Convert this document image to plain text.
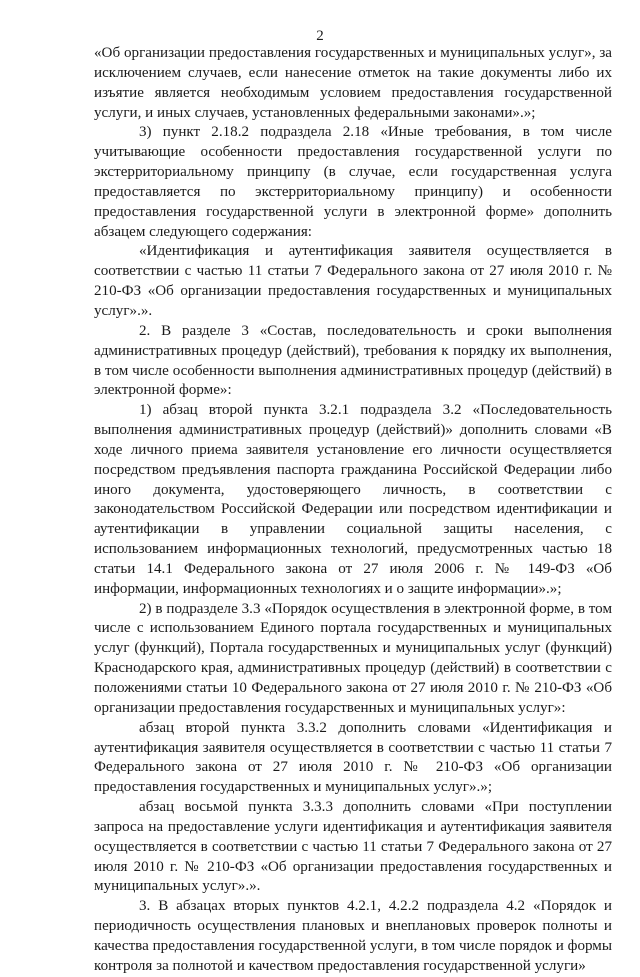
2

«Об организации предоставления государственных и муниципальных услуг», за исключением случаев, если нанесение отметок на такие документы либо их изъятие является необходимым условием предоставления государственной услуги, и иных случаев, установленных федеральными законами».»;

3) пункт 2.18.2 подраздела 2.18 «Иные требования, в том числе учитывающие особенности предоставления государственной услуги по экстерриториальному принципу (в случае, если государственная услуга предоставляется по экстерриториальному принципу) и особенности предоставления государственной услуги в электронной форме» дополнить абзацем следующего содержания:

«Идентификация и аутентификация заявителя осуществляется в соответствии с частью 11 статьи 7 Федерального закона от 27 июля 2010 г. № 210-ФЗ «Об организации предоставления государственных и муниципальных услуг».».

2. В разделе 3 «Состав, последовательность и сроки выполнения административных процедур (действий), требования к порядку их выполнения, в том числе особенности выполнения административных процедур (действий) в электронной форме»:

1) абзац второй пункта 3.2.1 подраздела 3.2 «Последовательность выполнения административных процедур (действий)» дополнить словами «В ходе личного приема заявителя установление его личности осуществляется посредством предъявления паспорта гражданина Российской Федерации либо иного документа, удостоверяющего личность, в соответствии с законодательством Российской Федерации или посредством идентификации и аутентификации в управлении социальной защиты населения, с использованием информационных технологий, предусмотренных частью 18 статьи 14.1 Федерального закона от 27 июля 2006 г. № 149-ФЗ «Об информации, информационных технологиях и о защите информации».»;

2) в подразделе 3.3 «Порядок осуществления в электронной форме, в том числе с использованием Единого портала государственных и муниципальных услуг (функций), Портала государственных и муниципальных услуг (функций) Краснодарского края, административных процедур (действий) в соответствии с положениями статьи 10 Федерального закона от 27 июля 2010 г. № 210-ФЗ «Об организации предоставления государственных и муниципальных услуг»:

абзац второй пункта 3.3.2 дополнить словами «Идентификация и аутентификация заявителя осуществляется в соответствии с частью 11 статьи 7 Федерального закона от 27 июля 2010 г. № 210-ФЗ «Об организации предоставления государственных и муниципальных услуг».»;

абзац восьмой пункта 3.3.3 дополнить словами «При поступлении запроса на предоставление услуги идентификация и аутентификация заявителя осуществляется в соответствии с частью 11 статьи 7 Федерального закона от 27 июля 2010 г. № 210-ФЗ «Об организации предоставления государственных и муниципальных услуг».».

3. В абзацах вторых пунктов 4.2.1, 4.2.2 подраздела 4.2 «Порядок и периодичность осуществления плановых и внеплановых проверок полноты и качества предоставления государственной услуги, в том числе порядок и формы контроля за полнотой и качеством предоставления государственной услуги»
